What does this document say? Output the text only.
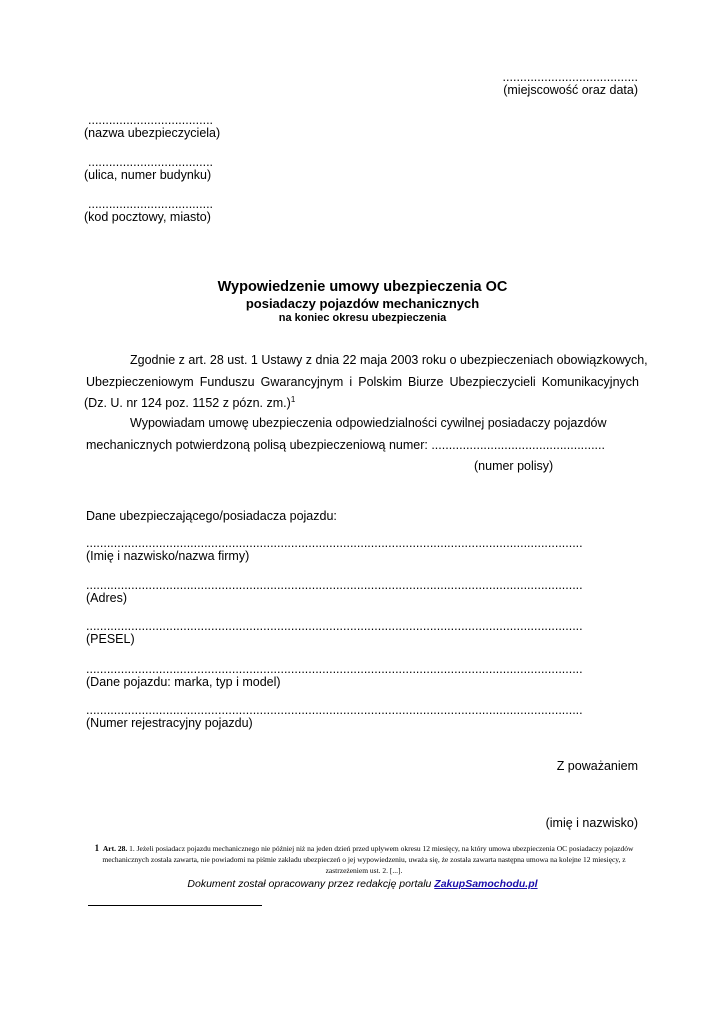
.......................................
(miejscowość oraz data)
....................................
(nazwa ubezpieczyciela)
....................................
(ulica, numer budynku)
....................................
(kod pocztowy, miasto)
Wypowiedzenie umowy ubezpieczenia OC
posiadaczy pojazdów mechanicznych
na koniec okresu ubezpieczenia
Zgodnie z art. 28 ust. 1 Ustawy z dnia 22 maja 2003 roku o ubezpieczeniach obowiązkowych,
Ubezpieczeniowym Funduszu Gwarancyjnym i Polskim Biurze Ubezpieczycieli Komunikacyjnych
(Dz. U. nr 124 poz. 1152 z pózn. zm.)$^1$
Wypowiadam umowę ubezpieczenia odpowiedzialności cywilnej posiadaczy pojazdów
mechanicznych potwierdzoną polisą ubezpieczeniową numer: ..................................................
(numer polisy)
Dane ubezpieczającego/posiadacza pojazdu:
...............................................................................................................................................
(Imię i nazwisko/nazwa firmy)
...............................................................................................................................................
(Adres)
...............................................................................................................................................
(PESEL)
...............................................................................................................................................
(Dane pojazdu: marka, typ i model)
...............................................................................................................................................
(Numer rejestracyjny pojazdu)
Z poważaniem
(imię i nazwisko)
1 Art. 28. 1. Jeżeli posiadacz pojazdu mechanicznego nie później niż na jeden dzień przed upływem okresu 12 miesięcy, na który umowa ubezpieczenia OC posiadaczy pojazdów mechanicznych została zawarta, nie powiadomi na piśmie zakładu ubezpieczeń o jej wypowiedzeniu, uważa się, że została zawarta następna umowa na kolejne 12 miesięcy, z zastrzeżeniem ust. 2. [...].
Dokument został opracowany przez redakcję portalu ZakupSamochodu.pl
